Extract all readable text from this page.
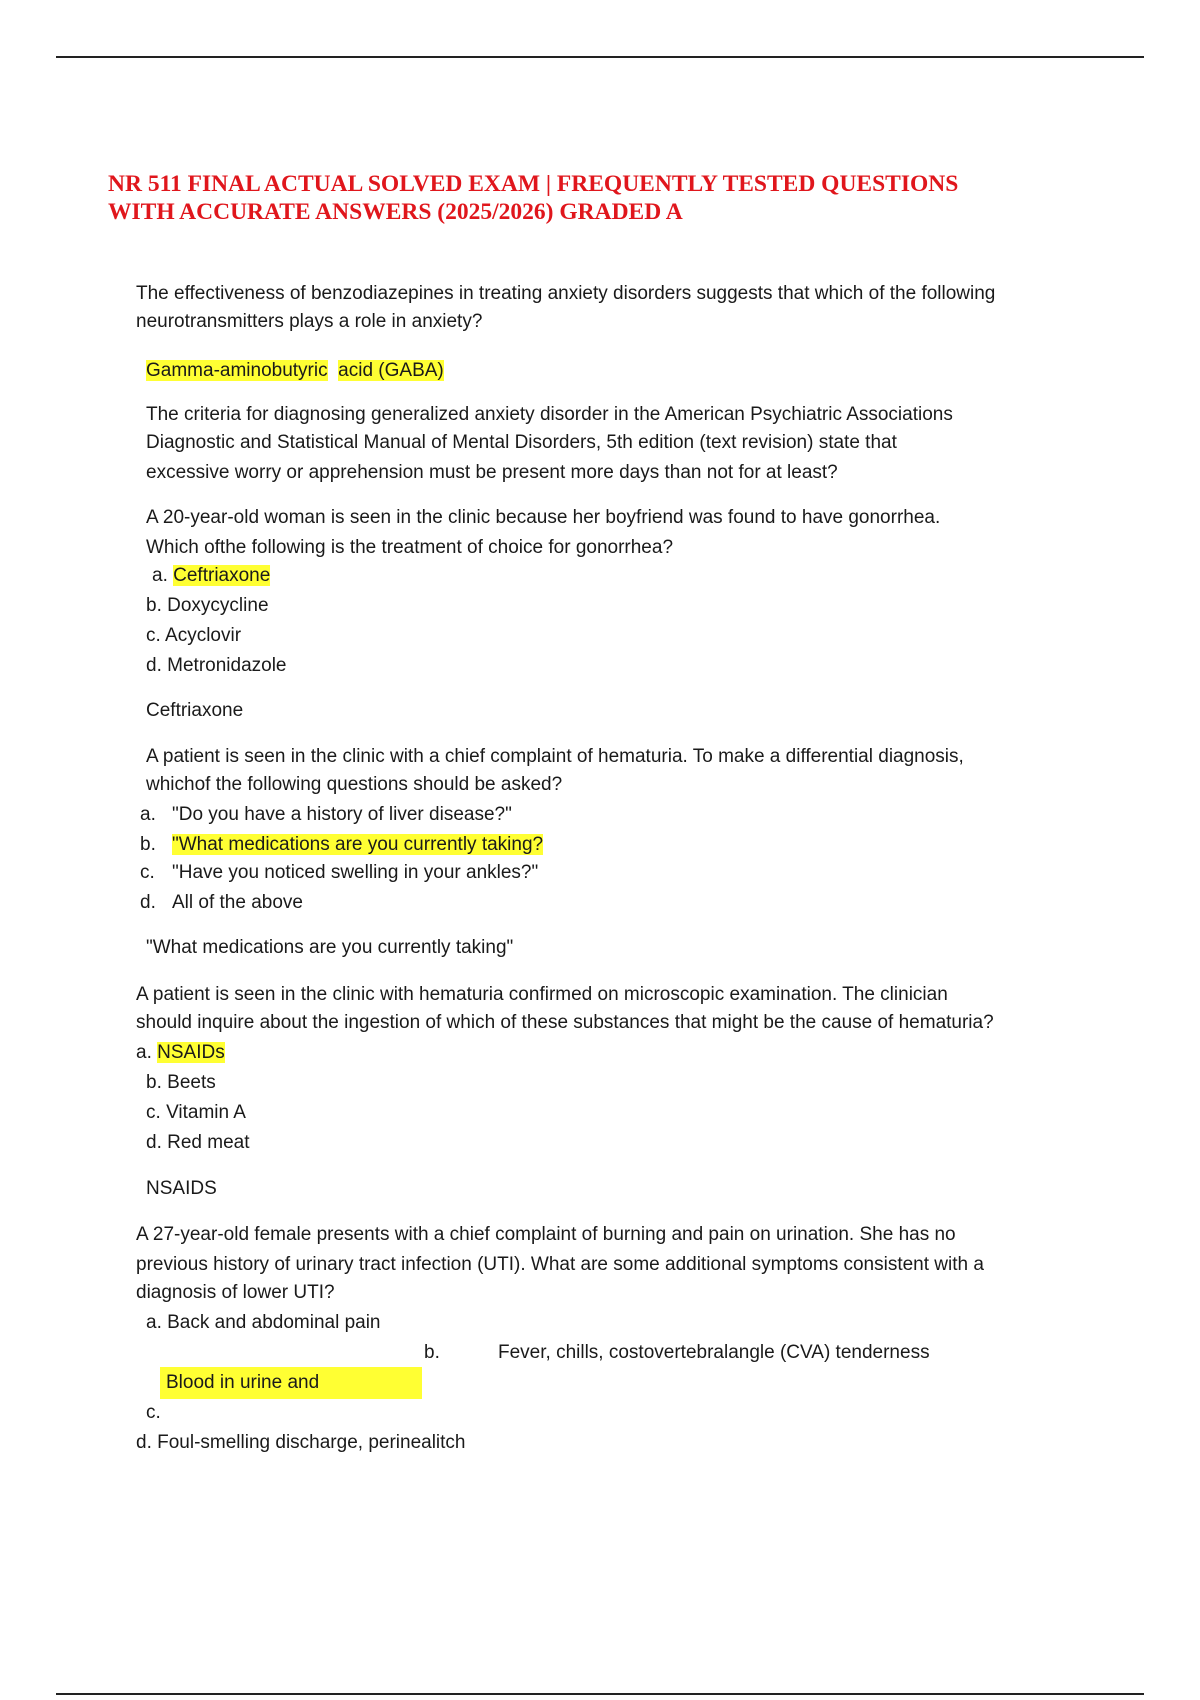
NR 511 FINAL ACTUAL SOLVED EXAM | FREQUENTLY TESTED QUESTIONS
WITH ACCURATE ANSWERS (2025/2026) GRADED A
The effectiveness of benzodiazepines in treating anxiety disorders suggests that which of the following
neurotransmitters plays a role in anxiety?
Gamma-aminobutyric acid (GABA)
The criteria for diagnosing generalized anxiety disorder in the American Psychiatric Associations
Diagnostic and Statistical Manual of Mental Disorders, 5th edition (text revision) state that
excessive worry or apprehension must be present more days than not for at least?
A 20-year-old woman is seen in the clinic because her boyfriend was found to have gonorrhea.
Which ofthe following is the treatment of choice for gonorrhea?
a. Ceftriaxone
b. Doxycycline
c. Acyclovir
d. Metronidazole
Ceftriaxone
A patient is seen in the clinic with a chief complaint of hematuria. To make a differential diagnosis,
whichof the following questions should be asked?
a. "Do you have a history of liver disease?"
b. "What medications are you currently taking?
c. "Have you noticed swelling in your ankles?"
d. All of the above
"What medications are you currently taking"
A patient is seen in the clinic with hematuria confirmed on microscopic examination. The clinician
should inquire about the ingestion of which of these substances that might be the cause of hematuria?
a. NSAIDs
b. Beets
c. Vitamin A
d. Red meat
NSAIDS
A 27-year-old female presents with a chief complaint of burning and pain on urination. She has no
previous history of urinary tract infection (UTI). What are some additional symptoms consistent with a
diagnosis of lower UTI?
a. Back and abdominal pain
b.	Fever, chills, costovertebralangle (CVA) tenderness
Blood in urine and
c.
d. Foul-smelling discharge, perinealitch
